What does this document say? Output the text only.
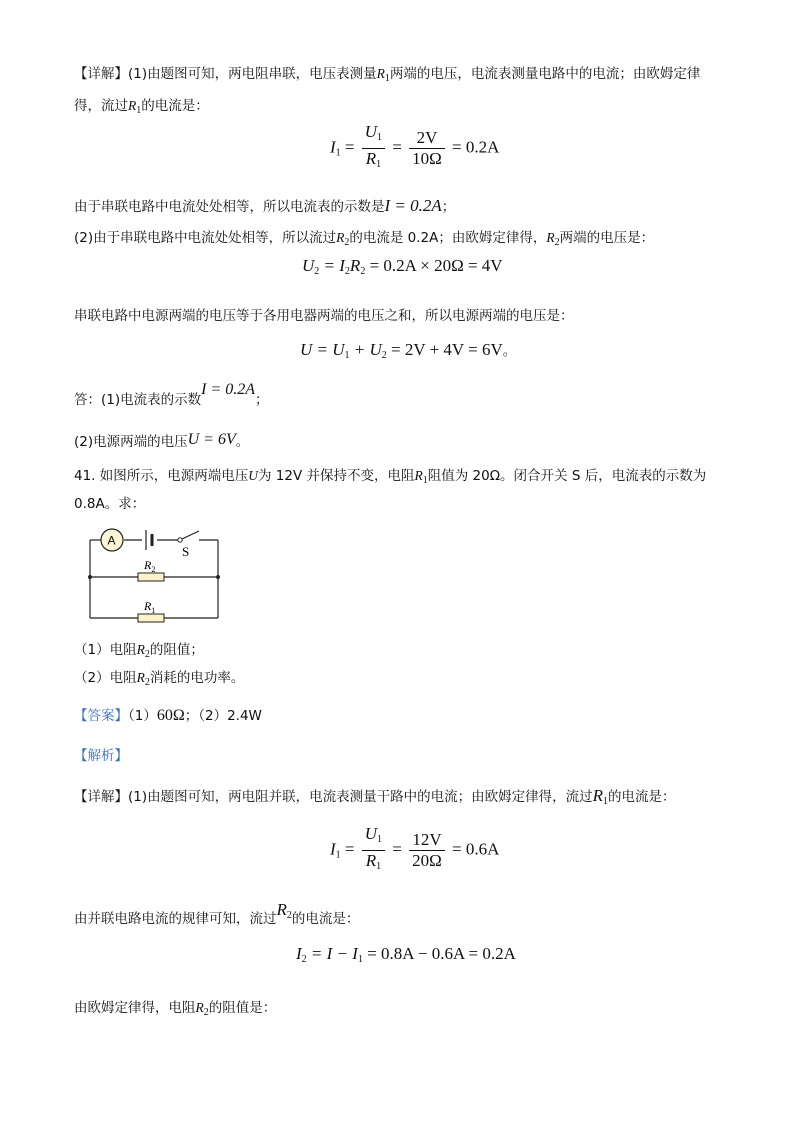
【详解】(1)由题图可知，两电阻串联，电压表测量$R_1$两端的电压，电流表测量电路中的电流；由欧姆定律
得，流过$R_1$的电流是：
$I_1 = \frac{U_1}{R_1} = \frac{2V}{10\Omega} = 0.2A$
由于串联电路中电流处处相等，所以电流表的示数是I = 0.2A；
(2)由于串联电路中电流处处相等，所以流过$R_2$的电流是 0.2A；由欧姆定律得，$R_2$两端的电压是：
$U_2 = I_2R_2 = 0.2A \times 20\Omega = 4V$
串联电路中电源两端的电压等于各用电器两端的电压之和，所以电源两端的电压是：
$U = U_1 + U_2 = 2V + 4V = 6V$。
答：(1)电流表的示数I = 0.2A；
(2)电源两端的电压U = 6V。
41. 如图所示，电源两端电压U为 12V 并保持不变，电阻$R_1$阻值为 20Ω。闭合开关 S 后，电流表的示数为
0.8A。求：
S
A
$R_2$
$R_1$
（1）电阻$R_2$的阻值；
（2）电阻$R_2$消耗的电功率。
【答案】（1）60Ω；（2）2.4W
【解析】
【详解】(1)由题图可知，两电阻并联，电流表测量干路中的电流；由欧姆定律得，流过$R_1$的电流是：
$I_1 = \frac{U_1}{R_1} = \frac{12V}{20\Omega} = 0.6A$
由并联电路电流的规律可知，流过$R_2$的电流是：
$I_2 = I - I_1 = 0.8A - 0.6A = 0.2A$
由欧姆定律得，电阻$R_2$的阻值是：
